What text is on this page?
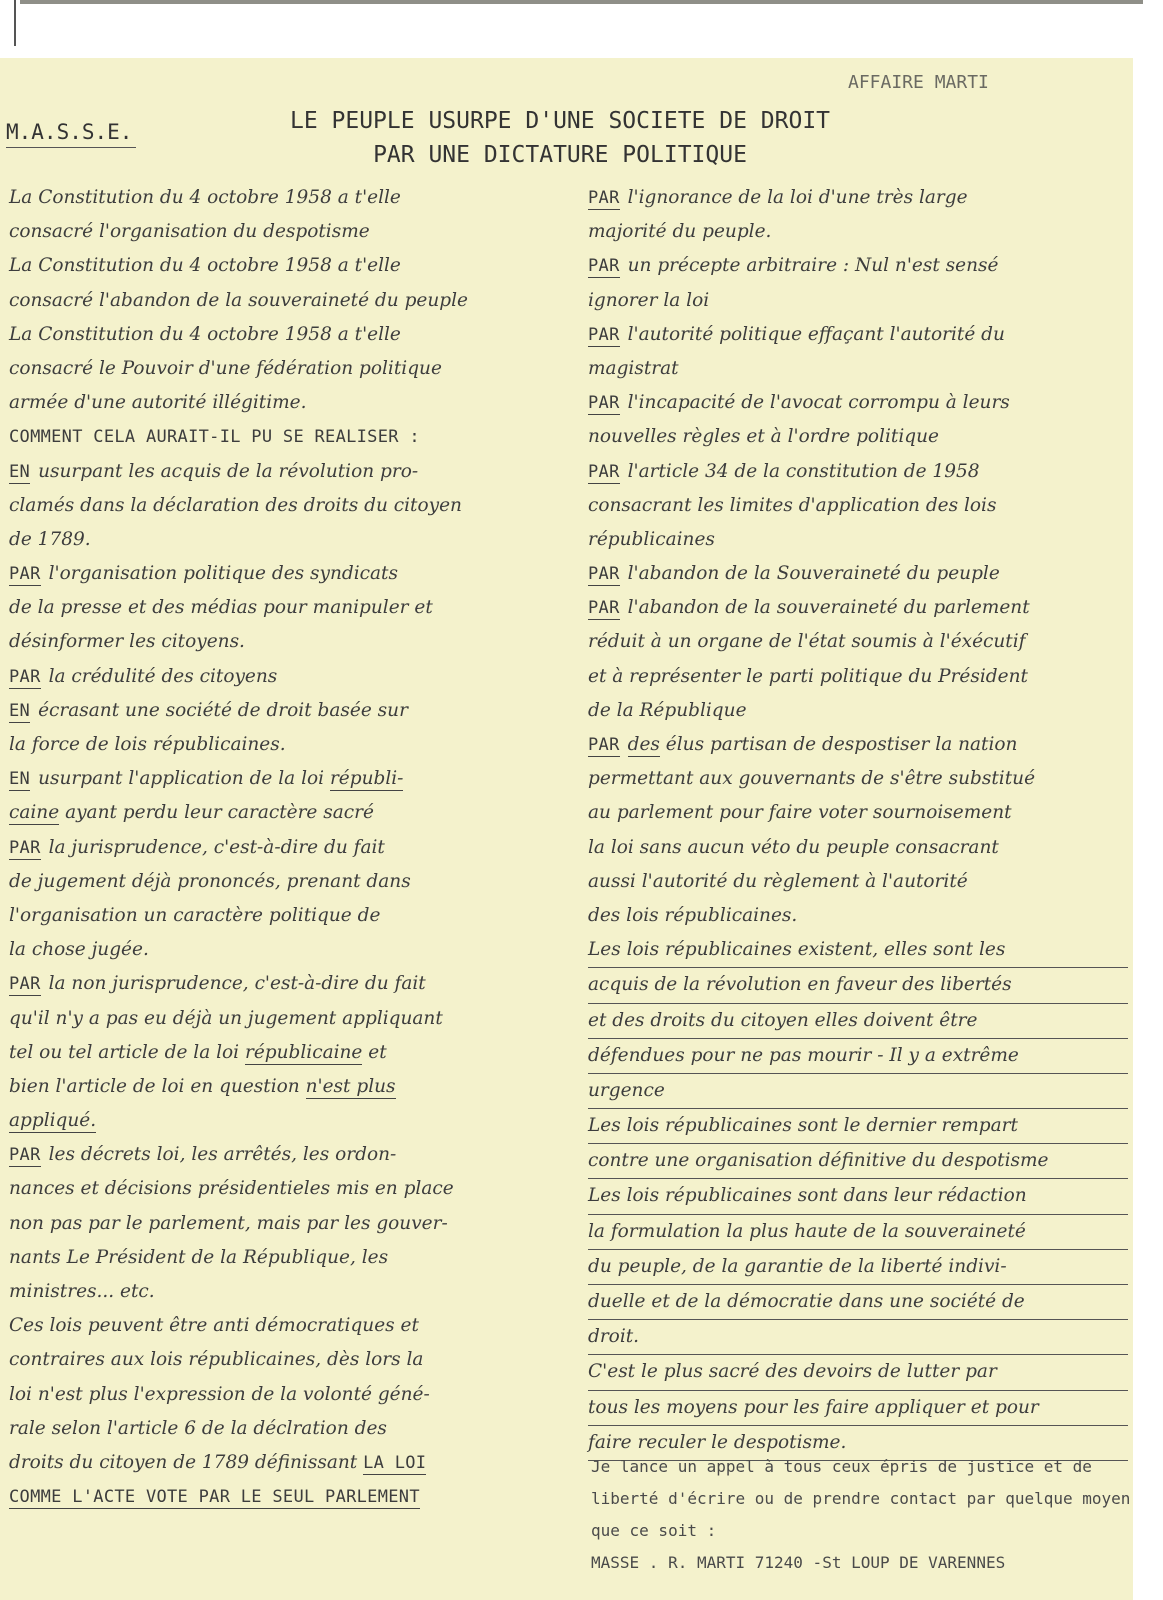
AFFAIRE MARTI
M.A.S.S.E.	LE PEUPLE USURPE D'UNE SOCIETE DE DROIT
PAR UNE DICTATURE POLITIQUE
La Constitution du 4 octobre 1958 a t'elle
consacré l'organisation du despotisme
La Constitution du 4 octobre 1958 a t'elle
consacré l'abandon de la souveraineté du peuple
La Constitution du 4 octobre 1958 a t'elle
consacré le Pouvoir d'une fédération politique
armée d'une autorité illégitime.
COMMENT CELA AURAIT-IL PU SE REALISER :
EN usurpant les acquis de la révolution pro-
clamés dans la déclaration des droits du citoyen
de 1789.
PAR l'organisation politique des syndicats
de la presse et des médias pour manipuler et
désinformer les citoyens.
PAR la crédulité des citoyens
EN écrasant une société de droit basée sur
la force de lois républicaines.
EN usurpant l'application de la loi républi-
caine ayant perdu leur caractère sacré
PAR la jurisprudence, c'est-à-dire du fait
de jugement déjà prononcés, prenant dans
l'organisation un caractère politique de
la chose jugée.
PAR la non jurisprudence, c'est-à-dire du fait
qu'il n'y a pas eu déjà un jugement appliquant
tel ou tel article de la loi républicaine et
bien l'article de loi en question n'est plus
appliqué.
PAR les décrets loi, les arrêtés, les ordon-
nances et décisions présidentieles mis en place
non pas par le parlement, mais par les gouver-
nants Le Président de la République, les
ministres... etc.
Ces lois peuvent être anti démocratiques et
contraires aux lois républicaines, dès lors la
loi n'est plus l'expression de la volonté géné-
rale selon l'article 6 de la déclration des
droits du citoyen de 1789 définissant LA LOI
COMME L'ACTE VOTE PAR LE SEUL PARLEMENT
PAR l'ignorance de la loi d'une très large
majorité du peuple.
PAR un précepte arbitraire : Nul n'est sensé
ignorer la loi
PAR l'autorité politique effaçant l'autorité du
magistrat
PAR l'incapacité de l'avocat corrompu à leurs
nouvelles règles et à l'ordre politique
PAR l'article 34 de la constitution de 1958
consacrant les limites d'application des lois
républicaines
PAR l'abandon de la Souveraineté du peuple
PAR l'abandon de la souveraineté du parlement
réduit à un organe de l'état soumis à l'éxécutif
et à représenter le parti politique du Président
de la République
PAR des élus partisan de despostiser la nation
permettant aux gouvernants de s'être substitué
au parlement pour faire voter sournoisement
la loi sans aucun véto du peuple consacrant
aussi l'autorité du règlement à l'autorité
des lois républicaines.
Les lois républicaines existent, elles sont les
acquis de la révolution en faveur des libertés
et des droits du citoyen elles doivent être
défendues pour ne pas mourir - Il y a extrême
urgence
Les lois républicaines sont le dernier rempart
contre une organisation définitive du despotisme
Les lois républicaines sont dans leur rédaction
la formulation la plus haute de la souveraineté
du peuple, de la garantie de la liberté indivi-
duelle et de la démocratie dans une société de
droit.
C'est le plus sacré des devoirs de lutter par
tous les moyens pour les faire appliquer et pour
faire reculer le despotisme.
Je lance un appel à tous ceux épris de justice et de
liberté d'écrire ou de prendre contact par quelque moyen
que ce soit :
MASSE . R. MARTI 71240 -St LOUP DE VARENNES
